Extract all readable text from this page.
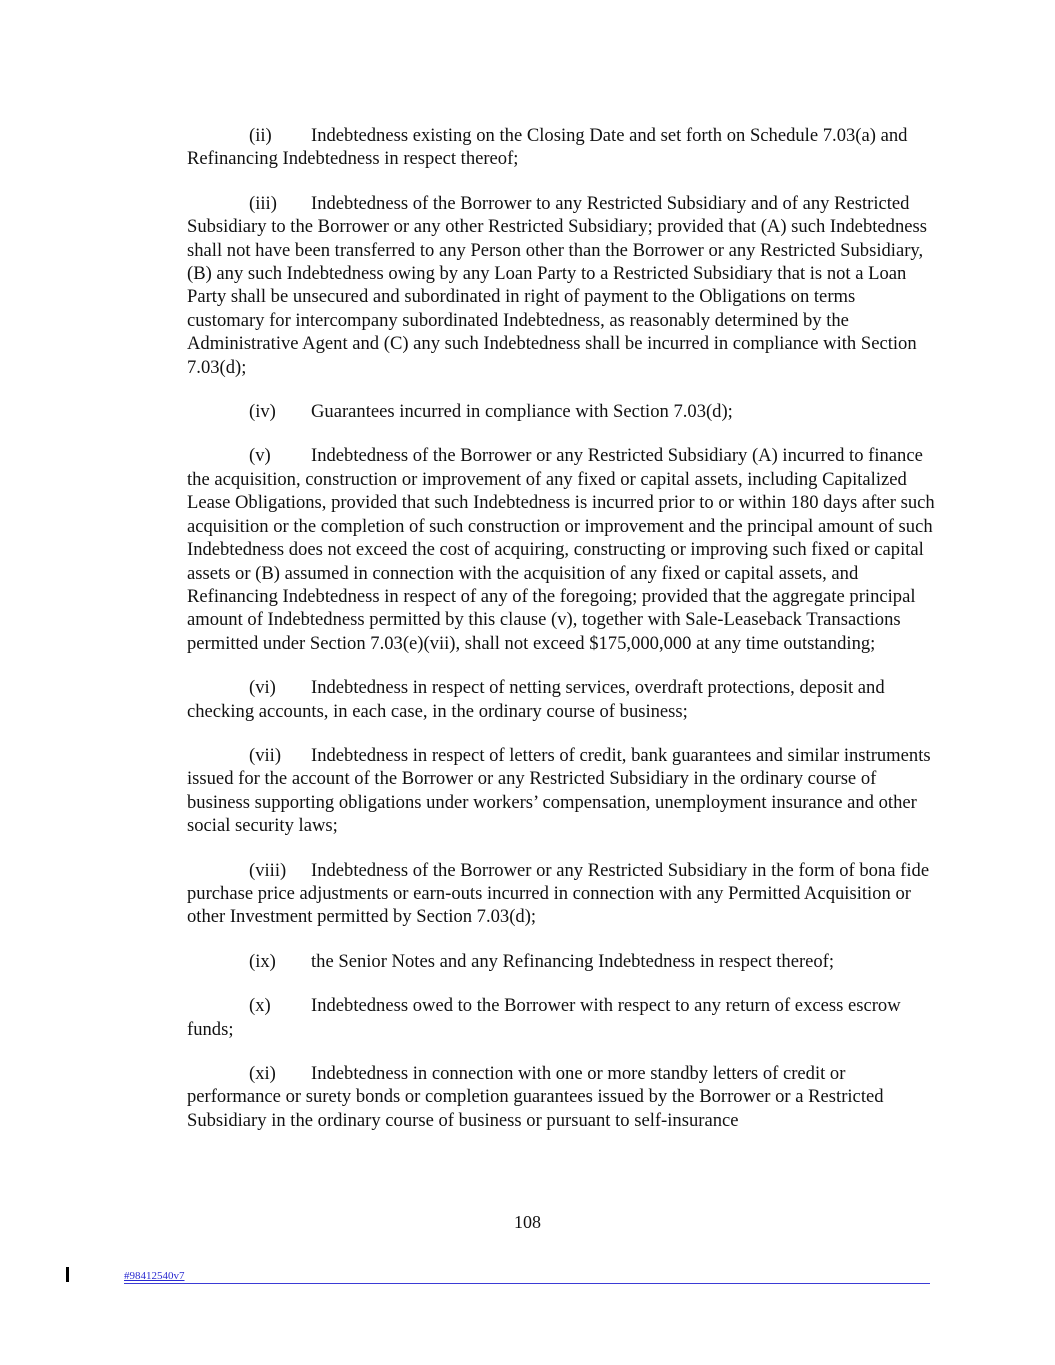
(ii) Indebtedness existing on the Closing Date and set forth on Schedule 7.03(a) and Refinancing Indebtedness in respect thereof;

(iii) Indebtedness of the Borrower to any Restricted Subsidiary and of any Restricted Subsidiary to the Borrower or any other Restricted Subsidiary; provided that (A) such Indebtedness shall not have been transferred to any Person other than the Borrower or any Restricted Subsidiary, (B) any such Indebtedness owing by any Loan Party to a Restricted Subsidiary that is not a Loan Party shall be unsecured and subordinated in right of payment to the Obligations on terms customary for intercompany subordinated Indebtedness, as reasonably determined by the Administrative Agent and (C) any such Indebtedness shall be incurred in compliance with Section 7.03(d);

(iv) Guarantees incurred in compliance with Section 7.03(d);

(v) Indebtedness of the Borrower or any Restricted Subsidiary (A) incurred to finance the acquisition, construction or improvement of any fixed or capital assets, including Capitalized Lease Obligations, provided that such Indebtedness is incurred prior to or within 180 days after such acquisition or the completion of such construction or improvement and the principal amount of such Indebtedness does not exceed the cost of acquiring, constructing or improving such fixed or capital assets or (B) assumed in connection with the acquisition of any fixed or capital assets, and Refinancing Indebtedness in respect of any of the foregoing; provided that the aggregate principal amount of Indebtedness permitted by this clause (v), together with Sale-Leaseback Transactions permitted under Section 7.03(e)(vii), shall not exceed $175,000,000 at any time outstanding;

(vi) Indebtedness in respect of netting services, overdraft protections, deposit and checking accounts, in each case, in the ordinary course of business;

(vii) Indebtedness in respect of letters of credit, bank guarantees and similar instruments issued for the account of the Borrower or any Restricted Subsidiary in the ordinary course of business supporting obligations under workers’ compensation, unemployment insurance and other social security laws;

(viii) Indebtedness of the Borrower or any Restricted Subsidiary in the form of bona fide purchase price adjustments or earn-outs incurred in connection with any Permitted Acquisition or other Investment permitted by Section 7.03(d);

(ix) the Senior Notes and any Refinancing Indebtedness in respect thereof;

(x) Indebtedness owed to the Borrower with respect to any return of excess escrow funds;

(xi) Indebtedness in connection with one or more standby letters of credit or performance or surety bonds or completion guarantees issued by the Borrower or a Restricted Subsidiary in the ordinary course of business or pursuant to self-insurance

108
#98412540v7
